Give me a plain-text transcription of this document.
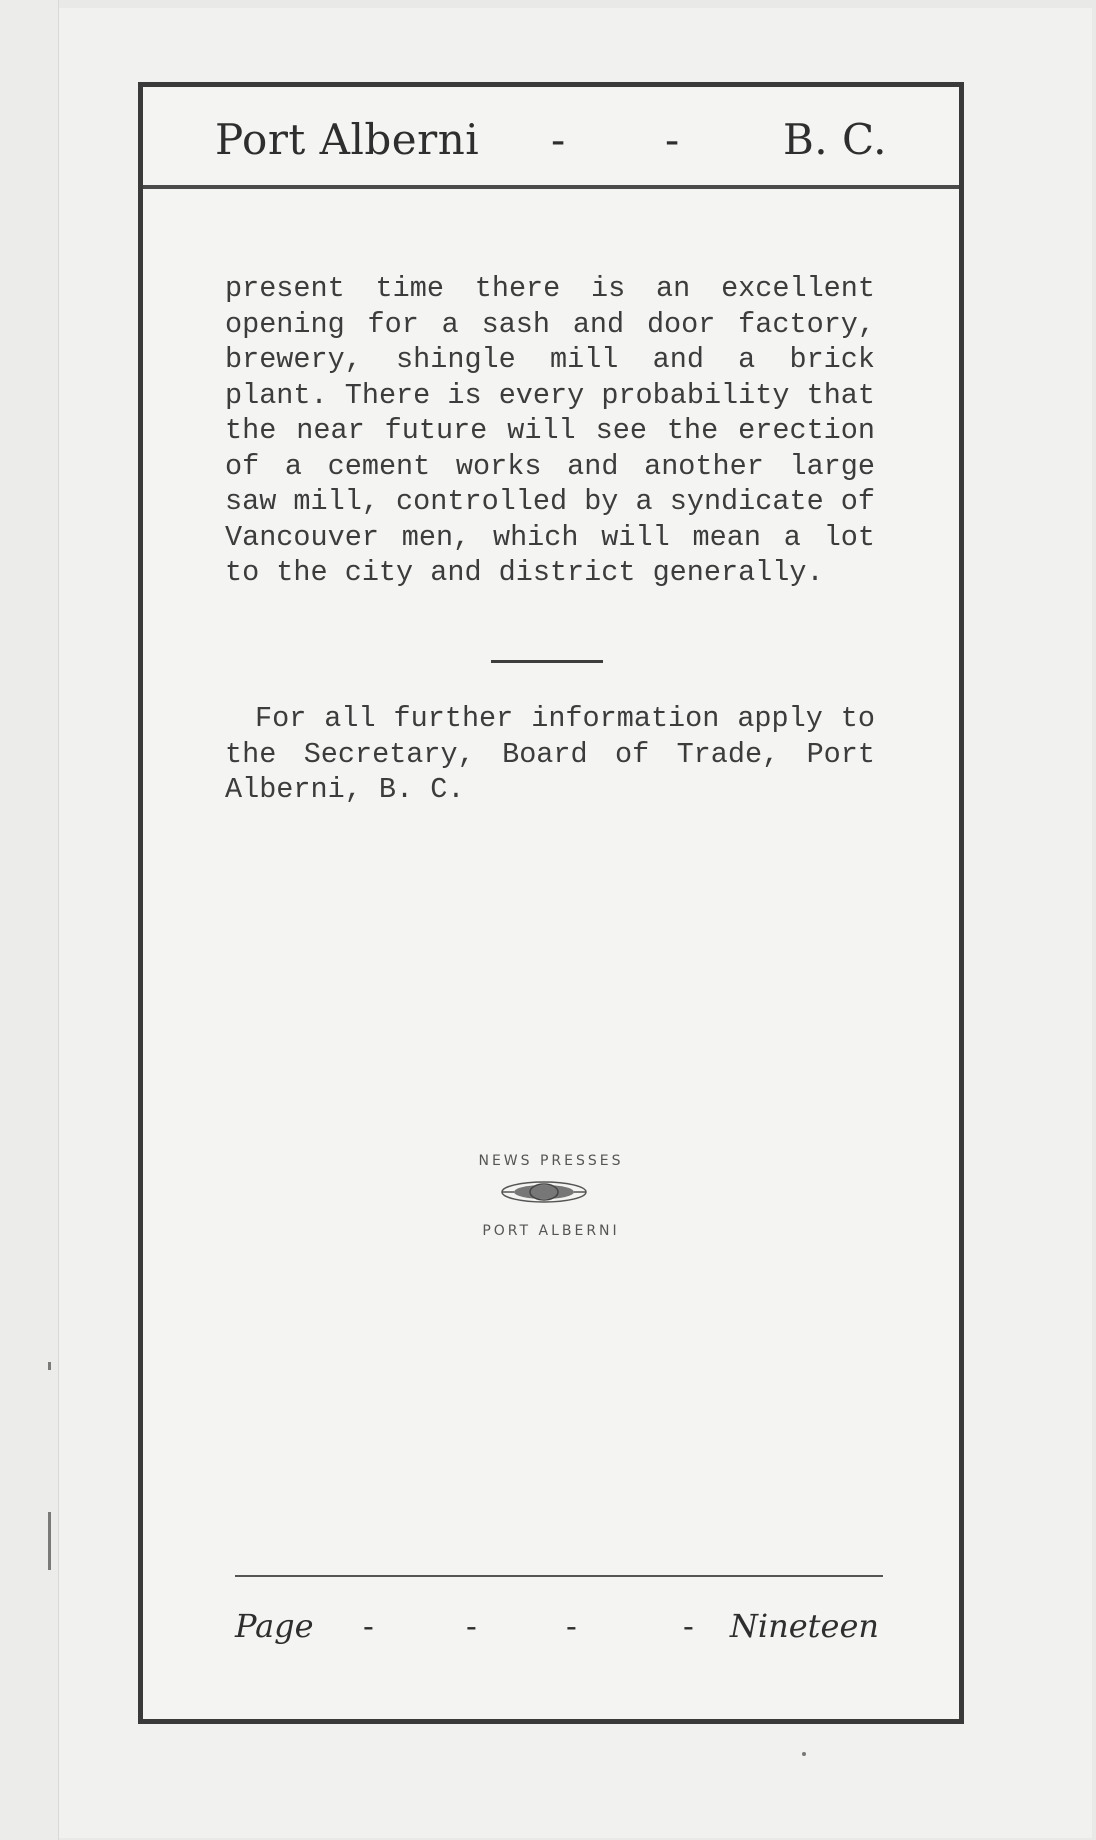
Port Alberni - - B. C.
present time there is an excellent opening for a sash and door factory, brewery, shingle mill and a brick plant. There is every probability that the near future will see the erection of a cement works and another large saw mill, controlled by a syndicate of Vancouver men, which will mean a lot to the city and district generally.
For all further information apply to the Secretary, Board of Trade, Port Alberni, B. C.
NEWS PRESSES
PORT ALBERNI
Page -	-	-	- Nineteen
